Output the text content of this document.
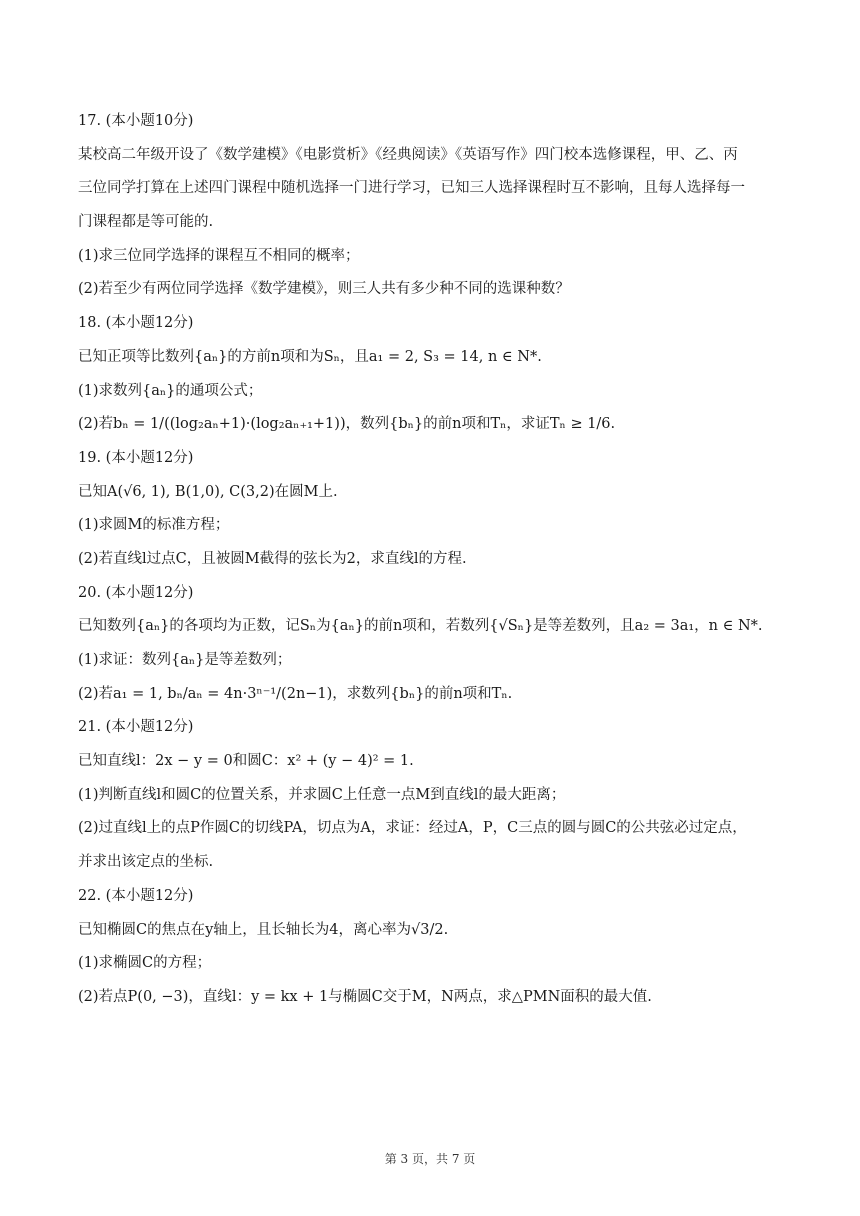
17. (本小题10分)

某校高二年级开设了《数学建模》《电影赏析》《经典阅读》《英语写作》四门校本选修课程，甲、乙、丙

三位同学打算在上述四门课程中随机选择一门进行学习，已知三人选择课程时互不影响，且每人选择每一

门课程都是等可能的.

(1)求三位同学选择的课程互不相同的概率；

(2)若至少有两位同学选择《数学建模》，则三人共有多少种不同的选课种数？

18. (本小题12分)

已知正项等比数列{aₙ}的方前n项和为Sₙ，且a₁ = 2, S₃ = 14, n ∈ N*.

(1)求数列{aₙ}的通项公式；

(2)若bₙ = 1/((log₂aₙ+1)·(log₂aₙ₊₁+1))，数列{bₙ}的前n项和Tₙ，求证Tₙ ≥ 1/6.

19. (本小题12分)

已知A(√6, 1), B(1,0), C(3,2)在圆M上.

(1)求圆M的标准方程；

(2)若直线l过点C，且被圆M截得的弦长为2，求直线l的方程.

20. (本小题12分)

已知数列{aₙ}的各项均为正数，记Sₙ为{aₙ}的前n项和，若数列{√Sₙ}是等差数列，且a₂ = 3a₁，n ∈ N*.

(1)求证：数列{aₙ}是等差数列；

(2)若a₁ = 1, bₙ/aₙ = 4n·3ⁿ⁻¹/(2n−1)，求数列{bₙ}的前n项和Tₙ.

21. (本小题12分)

已知直线l：2x − y = 0和圆C：x² + (y − 4)² = 1.

(1)判断直线l和圆C的位置关系，并求圆C上任意一点M到直线l的最大距离；

(2)过直线l上的点P作圆C的切线PA，切点为A，求证：经过A，P，C三点的圆与圆C的公共弦必过定点，

并求出该定点的坐标.

22. (本小题12分)

已知椭圆C的焦点在y轴上，且长轴长为4，离心率为√3/2.

(1)求椭圆C的方程；

(2)若点P(0, −3)，直线l：y = kx + 1与椭圆C交于M，N两点，求△PMN面积的最大值.

第 3 页，共 7 页
